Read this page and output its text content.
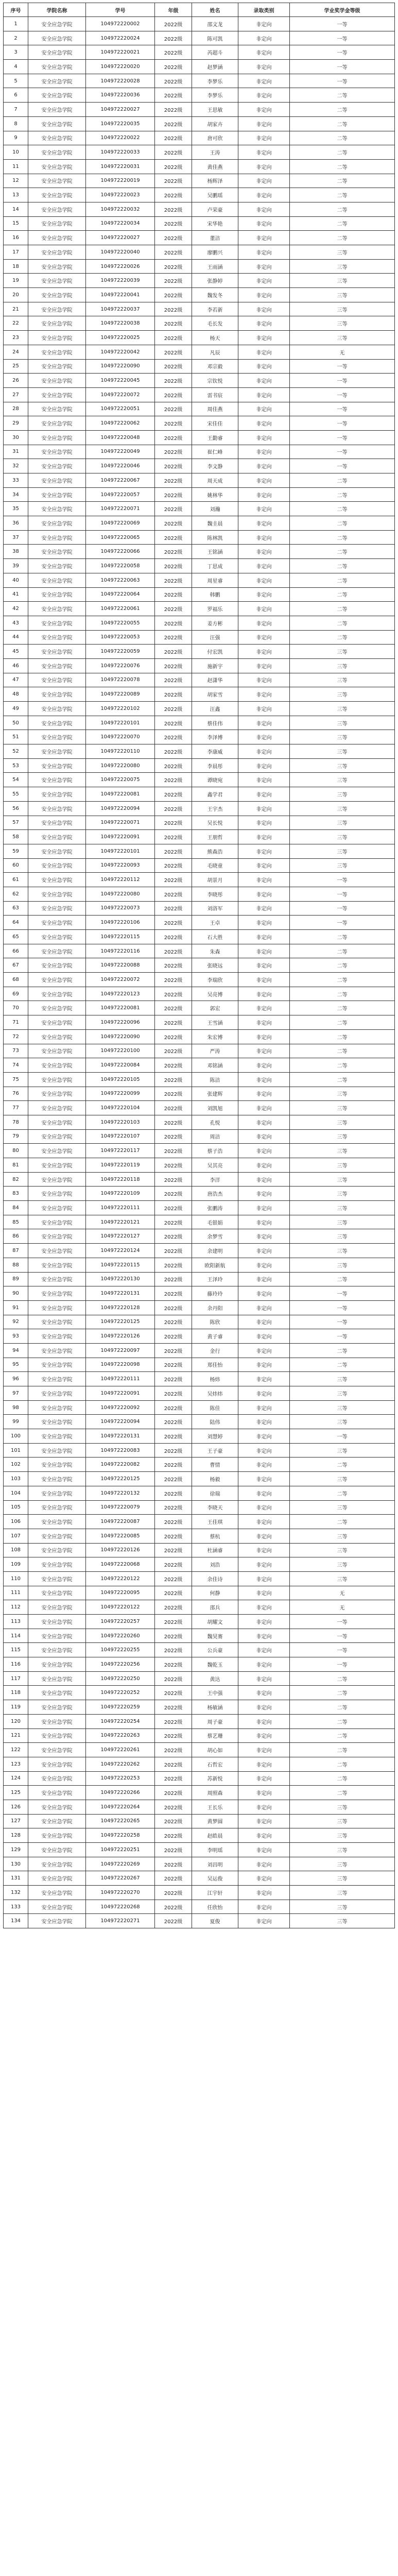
序号	学院名称	学号	年级	姓名	录取类别	学业奖学金等级
1	安全应急学院	104972220002	2022级	邵文龙	非定向	一等
2	安全应急学院	104972220024	2022级	陈可凯	非定向	一等
3	安全应急学院	104972220021	2022级	芮超斗	非定向	一等
4	安全应急学院	104972220020	2022级	赵梦涵	非定向	一等
5	安全应急学院	104972220028	2022级	李梦乐	非定向	一等
6	安全应急学院	104972220036	2022级	李梦乐	非定向	二等
7	安全应急学院	104972220027	2022级	王思敏	非定向	二等
8	安全应急学院	104972220035	2022级	胡家卉	非定向	二等
9	安全应急学院	104972220022	2022级	唐可欣	非定向	二等
10	安全应急学院	104972220033	2022级	王涛	非定向	二等
11	安全应急学院	104972220031	2022级	黄佳燕	非定向	二等
12	安全应急学院	104972220019	2022级	杨辉泽	非定向	二等
13	安全应急学院	104972220023	2022级	吴鹏瑶	非定向	二等
14	安全应急学院	104972220032	2022级	卢荣豪	非定向	二等
15	安全应急学院	104972220034	2022级	宋华艳	非定向	二等
16	安全应急学院	104972220027	2022级	董洁	非定向	二等
17	安全应急学院	104972220040	2022级	廖鹏兴	非定向	三等
18	安全应急学院	104972220026	2022级	王雨涵	非定向	三等
19	安全应急学院	104972220039	2022级	张静婷	非定向	三等
20	安全应急学院	104972220041	2022级	魏发冬	非定向	三等
21	安全应急学院	104972220037	2022级	李若新	非定向	三等
22	安全应急学院	104972220038	2022级	毛长发	非定向	三等
23	安全应急学院	104972220025	2022级	杨天	非定向	三等
24	安全应急学院	104972220042	2022级	凡辰	非定向	无
25	安全应急学院	104972220090	2022级	邓宗毅	非定向	一等
26	安全应急学院	104972220045	2022级	宗钦悦	非定向	一等
27	安全应急学院	104972220072	2022级	雷书宸	非定向	一等
28	安全应急学院	104972220051	2022级	周佳燕	非定向	一等
29	安全应急学院	104972220062	2022级	宋佳佳	非定向	一等
30	安全应急学院	104972220048	2022级	王勤睿	非定向	一等
31	安全应急学院	104972220049	2022级	崔仁峰	非定向	一等
32	安全应急学院	104972220046	2022级	李文静	非定向	一等
33	安全应急学院	104972220067	2022级	周天成	非定向	二等
34	安全应急学院	104972220057	2022级	姚林华	非定向	二等
35	安全应急学院	104972220071	2022级	刘瀚	非定向	二等
36	安全应急学院	104972220069	2022级	魏圭晨	非定向	二等
37	安全应急学院	104972220065	2022级	陈林凯	非定向	二等
38	安全应急学院	104972220066	2022级	王铭涵	非定向	二等
39	安全应急学院	104972220058	2022级	丁思成	非定向	二等
40	安全应急学院	104972220063	2022级	周星睿	非定向	二等
41	安全应急学院	104972220064	2022级	韩鹏	非定向	二等
42	安全应急学院	104972220061	2022级	罗福乐	非定向	二等
43	安全应急学院	104972220055	2022级	姜方彬	非定向	二等
44	安全应急学院	104972220053	2022级	汪强	非定向	二等
45	安全应急学院	104972220059	2022级	付宏凯	非定向	三等
46	安全应急学院	104972220076	2022级	施新宇	非定向	三等
47	安全应急学院	104972220078	2022级	赵潇华	非定向	三等
48	安全应急学院	104972220089	2022级	胡家雪	非定向	三等
49	安全应急学院	104972220102	2022级	汪鑫	非定向	三等
50	安全应急学院	104972220101	2022级	蔡佳伟	非定向	三等
51	安全应急学院	104972220070	2022级	李泽博	非定向	三等
52	安全应急学院	104972220110	2022级	李康威	非定向	三等
53	安全应急学院	104972220080	2022级	李晨彤	非定向	三等
54	安全应急学院	104972220075	2022级	谭晓宛	非定向	三等
55	安全应急学院	104972220081	2022级	鑫学君	非定向	三等
56	安全应急学院	104972220094	2022级	王宇杰	非定向	三等
57	安全应急学院	104972220071	2022级	吴长悦	非定向	三等
58	安全应急学院	104972220091	2022级	王朋哲	非定向	三等
59	安全应急学院	104972220101	2022级	熊森浩	非定向	三等
60	安全应急学院	104972220093	2022级	毛晓童	非定向	三等
61	安全应急学院	104972220112	2022级	胡景月	非定向	一等
62	安全应急学院	104972220080	2022级	李晓彤	非定向	一等
63	安全应急学院	104972220073	2022级	刘洛军	非定向	一等
64	安全应急学院	104972220106	2022级	王卓	非定向	一等
65	安全应急学院	104972220115	2022级	石大胜	非定向	二等
66	安全应急学院	104972220116	2022级	朱森	非定向	二等
67	安全应急学院	104972220088	2022级	张晓远	非定向	二等
68	安全应急学院	104972220072	2022级	李瑞欣	非定向	二等
69	安全应急学院	104972220123	2022级	吴亮博	非定向	二等
70	安全应急学院	104972220081	2022级	郭宏	非定向	二等
71	安全应急学院	104972220096	2022级	王雪涵	非定向	二等
72	安全应急学院	104972220090	2022级	朱宏博	非定向	二等
73	安全应急学院	104972220100	2022级	严涛	非定向	二等
74	安全应急学院	104972220084	2022级	邓铭涵	非定向	二等
75	安全应急学院	104972220105	2022级	陈洁	非定向	二等
76	安全应急学院	104972220099	2022级	张建辉	非定向	三等
77	安全应急学院	104972220104	2022级	刘凯旭	非定向	三等
78	安全应急学院	104972220103	2022级	孔悦	非定向	三等
79	安全应急学院	104972220107	2022级	周洁	非定向	三等
80	安全应急学院	104972220117	2022级	蔡子浩	非定向	三等
81	安全应急学院	104972220119	2022级	吴其亮	非定向	三等
82	安全应急学院	104972220118	2022级	李洋	非定向	三等
83	安全应急学院	104972220109	2022级	唐浩杰	非定向	三等
84	安全应急学院	104972220111	2022级	张鹏涛	非定向	三等
85	安全应急学院	104972220121	2022级	毛银娟	非定向	三等
86	安全应急学院	104972220127	2022级	余梦雪	非定向	三等
87	安全应急学院	104972220124	2022级	余建明	非定向	三等
88	安全应急学院	104972220115	2022级	欧阳新航	非定向	三等
89	安全应急学院	104972220130	2022级	王泽玲	非定向	二等
90	安全应急学院	104972220131	2022级	藤玲玲	非定向	一等
91	安全应急学院	104972220128	2022级	余丹阳	非定向	一等
92	安全应急学院	104972220125	2022级	陈欣	非定向	一等
93	安全应急学院	104972220126	2022级	黄子睿	非定向	一等
94	安全应急学院	104972220097	2022级	金行	非定向	二等
95	安全应急学院	104972220098	2022级	郑佳怡	非定向	二等
96	安全应急学院	104972220111	2022级	杨炜	非定向	三等
97	安全应急学院	104972220091	2022级	吴炜炜	非定向	三等
98	安全应急学院	104972220092	2022级	陈佳	非定向	三等
99	安全应急学院	104972220094	2022级	陆伟	非定向	三等
100	安全应急学院	104972220131	2022级	刘慧婷	非定向	一等
101	安全应急学院	104972220083	2022级	王子豪	非定向	三等
102	安全应急学院	104972220082	2022级	曹情	非定向	二等
103	安全应急学院	104972220125	2022级	杨毅	非定向	三等
104	安全应急学院	104972220132	2022级	徐瑞	非定向	二等
105	安全应急学院	104972220079	2022级	李晓天	非定向	三等
106	安全应急学院	104972220087	2022级	王佳琪	非定向	二等
107	安全应急学院	104972220085	2022级	蔡杭	非定向	三等
108	安全应急学院	104972220126	2022级	杜涵睿	非定向	三等
109	安全应急学院	104972220068	2022级	刘浩	非定向	三等
110	安全应急学院	104972220122	2022级	余佳诗	非定向	三等
111	安全应急学院	104972220095	2022级	何静	非定向	无
112	安全应急学院	104972220122	2022级	邵兵	非定向	无
113	安全应急学院	104972220257	2022级	胡耀文	非定向	一等
114	安全应急学院	104972220260	2022级	魏昊赛	非定向	一等
115	安全应急学院	104972220255	2022级	公兵豪	非定向	一等
116	安全应急学院	104972220256	2022级	魏乾玉	非定向	一等
117	安全应急学院	104972220250	2022级	黄达	非定向	二等
118	安全应急学院	104972220252	2022级	王中强	非定向	二等
119	安全应急学院	104972220259	2022级	杨敏涵	非定向	二等
120	安全应急学院	104972220254	2022级	周子豪	非定向	二等
121	安全应急学院	104972220263	2022级	蔡艺珊	非定向	二等
122	安全应急学院	104972220261	2022级	胡心如	非定向	二等
123	安全应急学院	104972220262	2022级	石哲宏	非定向	二等
124	安全应急学院	104972220253	2022级	苏新悦	非定向	二等
125	安全应急学院	104972220266	2022级	周照森	非定向	二等
126	安全应急学院	104972220264	2022级	王长乐	非定向	三等
127	安全应急学院	104972220265	2022级	黄梦圆	非定向	三等
128	安全应急学院	104972220258	2022级	赵皓晨	非定向	三等
129	安全应急学院	104972220251	2022级	李明瑶	非定向	三等
130	安全应急学院	104972220269	2022级	刘昌明	非定向	三等
131	安全应急学院	104972220267	2022级	吴运俊	非定向	三等
132	安全应急学院	104972220270	2022级	江宇轩	非定向	三等
133	安全应急学院	104972220268	2022级	任欣怡	非定向	三等
134	安全应急学院	104972220271	2022级	夏俊	非定向	三等
